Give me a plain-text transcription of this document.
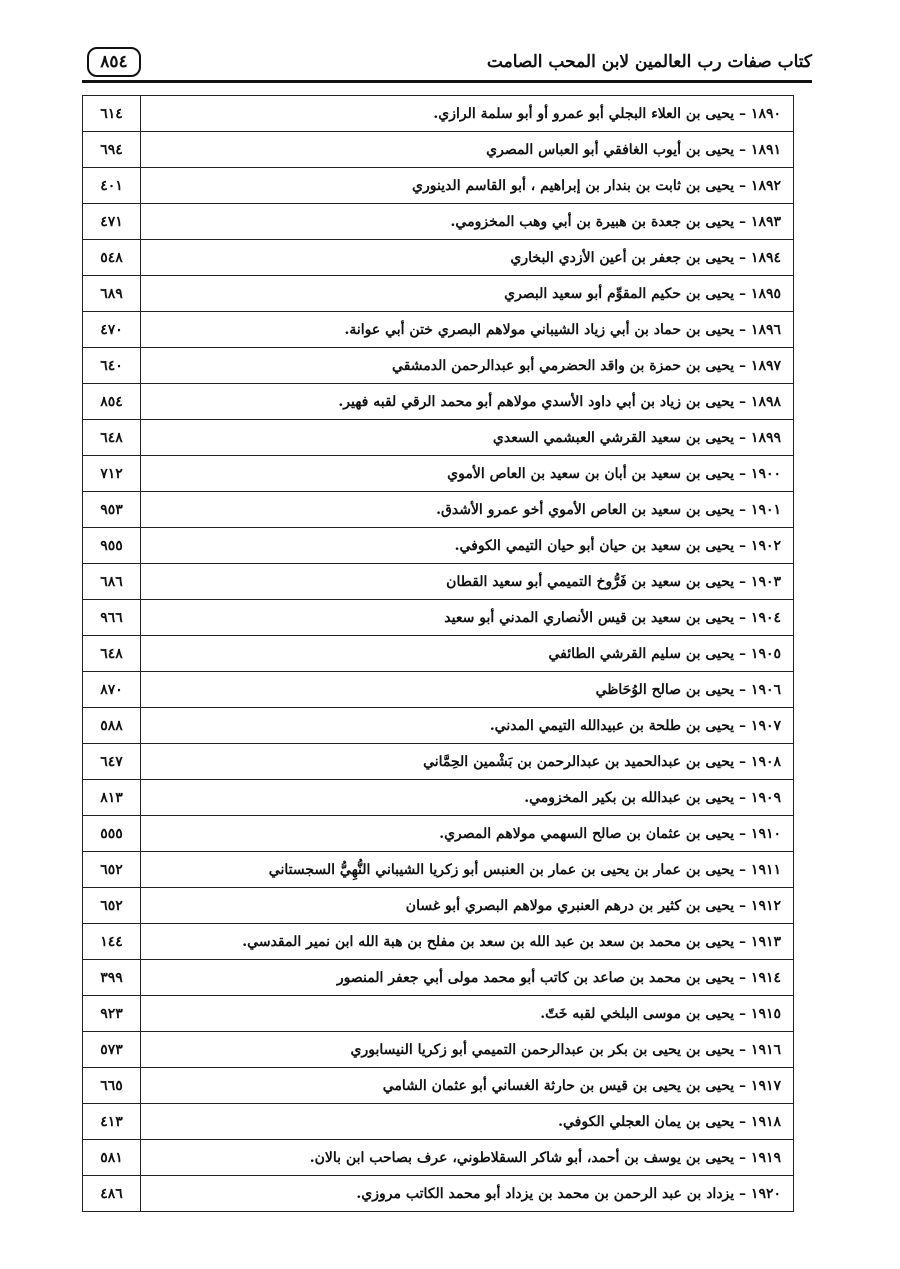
٨٥٤	كتاب صفات رب العالمين لابن المحب الصامت
١٨٩٠ – يحيى بن العلاء البجلي أبو عمرو أو أبو سلمة الرازي.	٦١٤
١٨٩١ – يحيى بن أيوب الغافقي أبو العباس المصري	٦٩٤
١٨٩٢ – يحيى بن ثابت بن بندار بن إبراهيم ، أبو القاسم الدينوري	٤٠١
١٨٩٣ – يحيى بن جعدة بن هبيرة بن أبي وهب المخزومي.	٤٧١
١٨٩٤ – يحيى بن جعفر بن أعين الأزدي البخاري	٥٤٨
١٨٩٥ – يحيى بن حكيم المقوِّم أبو سعيد البصري	٦٨٩
١٨٩٦ – يحيى بن حماد بن أبي زياد الشيباني مولاهم البصري ختن أبي عوانة.	٤٧٠
١٨٩٧ – يحيى بن حمزة بن واقد الحضرمي أبو عبدالرحمن الدمشقي	٦٤٠
١٨٩٨ – يحيى بن زياد بن أبي داود الأسدي مولاهم أبو محمد الرقي لقبه فهير.	٨٥٤
١٨٩٩ – يحيى بن سعيد القرشي العبشمي السعدي	٦٤٨
١٩٠٠ – يحيى بن سعيد بن أبان بن سعيد بن العاص الأموي	٧١٢
١٩٠١ – يحيى بن سعيد بن العاص الأموي أخو عمرو الأشدق.	٩٥٣
١٩٠٢ – يحيى بن سعيد بن حيان أبو حيان التيمي الكوفي.	٩٥٥
١٩٠٣ – يحيى بن سعيد بن فَرُّوخ التميمي أبو سعيد القطان	٦٨٦
١٩٠٤ – يحيى بن سعيد بن قيس الأنصاري المدني أبو سعيد	٩٦٦
١٩٠٥ – يحيى بن سليم القرشي الطائفي	٦٤٨
١٩٠٦ – يحيى بن صالح الوُحَاظي	٨٧٠
١٩٠٧ – يحيى بن طلحة بن عبيدالله التيمي المدني.	٥٨٨
١٩٠٨ – يحيى بن عبدالحميد بن عبدالرحمن بن بَشْمين الحِمَّاني	٦٤٧
١٩٠٩ – يحيى بن عبدالله بن بكير المخزومي.	٨١٣
١٩١٠ – يحيى بن عثمان بن صالح السهمي مولاهم المصري.	٥٥٥
١٩١١ – يحيى بن عمار بن يحيى بن عمار بن العنبس أبو زكريا الشيباني النُّهِيُّ السجستاني	٦٥٢
١٩١٢ – يحيى بن كثير بن درهم العنبري مولاهم البصري أبو غسان	٦٥٢
١٩١٣ – يحيى بن محمد بن سعد بن عبد الله بن سعد بن مفلح بن هبة الله ابن نمير المقدسي.	١٤٤
١٩١٤ – يحيى بن محمد بن صاعد بن كاتب أبو محمد مولى أبي جعفر المنصور	٣٩٩
١٩١٥ – يحيى بن موسى البلخي لقبه خَتّ.	٩٢٣
١٩١٦ – يحيى بن يحيى بن بكر بن عبدالرحمن التميمي أبو زكريا النيسابوري	٥٧٣
١٩١٧ – يحيى بن يحيى بن قيس بن حارثة الغساني أبو عثمان الشامي	٦٦٥
١٩١٨ – يحيى بن يمان العجلي الكوفي.	٤١٣
١٩١٩ – يحيى بن يوسف بن أحمد، أبو شاكر السقلاطوني، عرف بصاحب ابن بالان.	٥٨١
١٩٢٠ – يزداد بن عبد الرحمن بن محمد بن يزداد أبو محمد الكاتب مروزي.	٤٨٦
